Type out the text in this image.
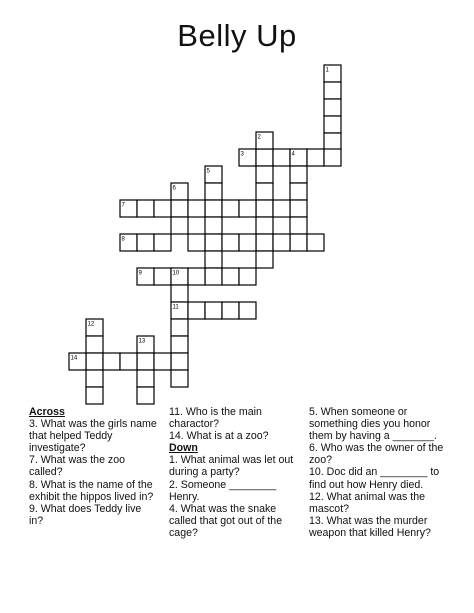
Belly Up
1
2
3	4
5
6
7
8
9	10
11
12
13
14
Across
3. What was the girls name that helped Teddy investigate?
7. What was the zoo called?
8. What is the name of the exhibit the hippos lived in?
9. What does Teddy live in?
11. Who is the main charactor?
14. What is at a zoo?
Down
1. What animal was let out during a party?
2. Someone ________ Henry.
4. What was the snake called that got out of the cage?
5. When someone or something dies you honor them by having a _______.
6. Who was the owner of the zoo?
10. Doc did an ________ to find out how Henry died.
12. What animal was the mascot?
13. What was the murder weapon that killed Henry?
